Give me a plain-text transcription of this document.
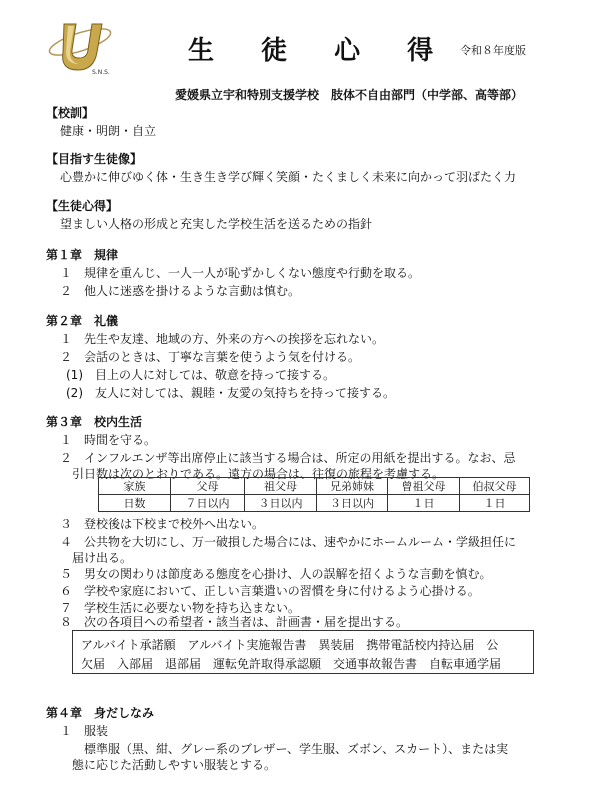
S.N.S.
生 徒 心 得 令和８年度版
愛媛県立宇和特別支援学校　肢体不自由部門（中学部、高等部）
【校訓】
健康・明朗・自立
【目指す生徒像】
心豊かに伸びゆく体・生き生き学び輝く笑顔・たくましく未来に向かって羽ばたく力
【生徒心得】
望ましい人格の形成と充実した学校生活を送るための指針
第１章　規律
１　規律を重んじ、一人一人が恥ずかしくない態度や行動を取る。
２　他人に迷惑を掛けるような言動は慎む。
第２章　礼儀
１　先生や友達、地域の方、外来の方への挨拶を忘れない。
２　会話のときは、丁寧な言葉を使うよう気を付ける。
(1)　目上の人に対しては、敬意を持って接する。
(2)　友人に対しては、親睦・友愛の気持ちを持って接する。
第３章　校内生活
１　時間を守る。
２　インフルエンザ等出席停止に該当する場合は、所定の用紙を提出する。なお、忌
引日数は次のとおりである。遠方の場合は、往復の旅程を考慮する。
家族	父母	祖父母	兄弟姉妹	曾祖父母	伯叔父母
日数	７日以内	３日以内	３日以内	１日	１日
３　登校後は下校まで校外へ出ない。
４　公共物を大切にし、万一破損した場合には、速やかにホームルーム・学級担任に
届け出る。
５　男女の関わりは節度ある態度を心掛け、人の誤解を招くような言動を慎む。
６　学校や家庭において、正しい言葉遣いの習慣を身に付けるよう心掛ける。
７　学校生活に必要ない物を持ち込まない。
８　次の各項目への希望者・該当者は、計画書・届を提出する。
アルバイト承諾願　アルバイト実施報告書　異装届　携帯電話校内持込届　公
欠届　入部届　退部届　運転免許取得承認願　交通事故報告書　自転車通学届
第４章　身だしなみ
１　服装
標準服（黒、紺、グレー系のブレザー、学生服、ズボン、スカート）、または実
態に応じた活動しやすい服装とする。
